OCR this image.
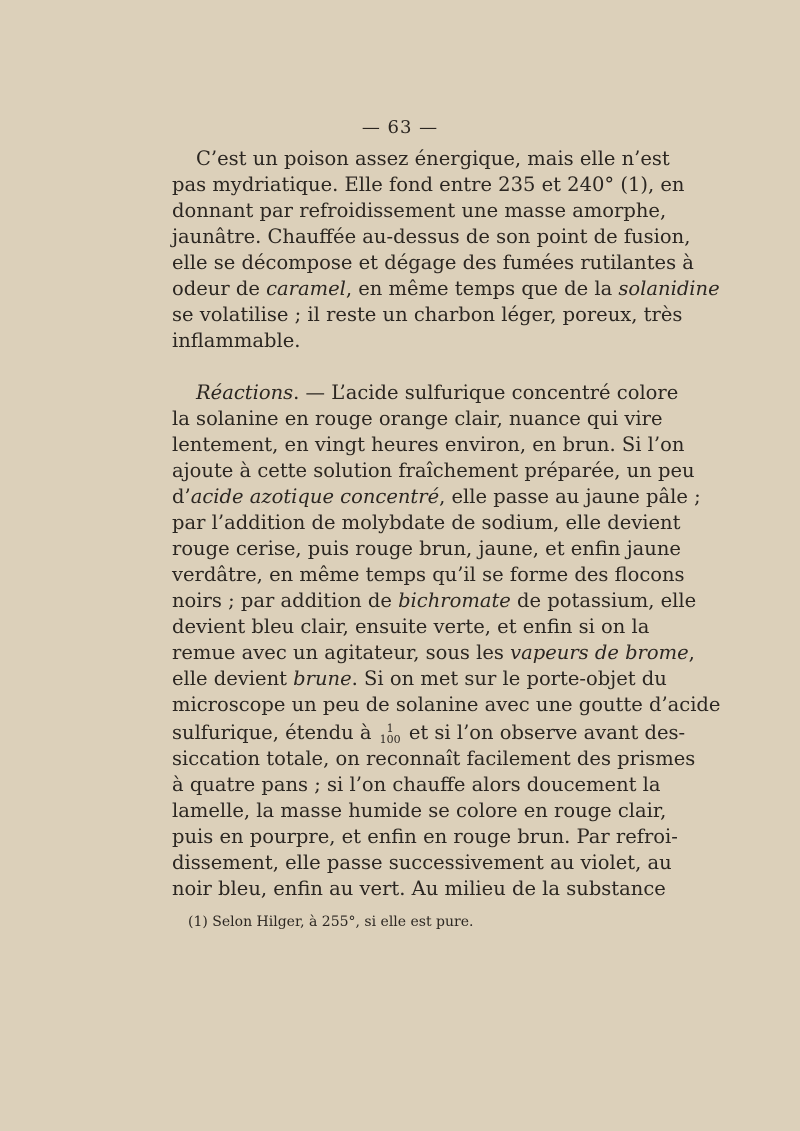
— 63 —
C’est un poison assez énergique, mais elle n’est
pas mydriatique. Elle fond entre 235 et 240° (1), en
donnant par refroidissement une masse amorphe,
jaunâtre. Chauffée au-dessus de son point de fusion,
elle se décompose et dégage des fumées rutilantes à
odeur de caramel, en même temps que de la solanidine
se volatilise ; il reste un charbon léger, poreux, très
inflammable.
Réactions. — L’acide sulfurique concentré colore
la solanine en rouge orange clair, nuance qui vire
lentement, en vingt heures environ, en brun. Si l’on
ajoute à cette solution fraîchement préparée, un peu
d’acide azotique concentré, elle passe au jaune pâle ;
par l’addition de molybdate de sodium, elle devient
rouge cerise, puis rouge brun, jaune, et enfin jaune
verdâtre, en même temps qu’il se forme des flocons
noirs ; par addition de bichromate de potassium, elle
devient bleu clair, ensuite verte, et enfin si on la
remue avec un agitateur, sous les vapeurs de brome,
elle devient brune. Si on met sur le porte-objet du
microscope un peu de solanine avec une goutte d’acide
sulfurique, étendu à 1
100 et si l’on observe avant des-
siccation totale, on reconnaît facilement des prismes
à quatre pans ; si l’on chauffe alors doucement la
lamelle, la masse humide se colore en rouge clair,
puis en pourpre, et enfin en rouge brun. Par refroi-
dissement, elle passe successivement au violet, au
noir bleu, enfin au vert. Au milieu de la substance
(1) Selon Hilger, à 255°, si elle est pure.
